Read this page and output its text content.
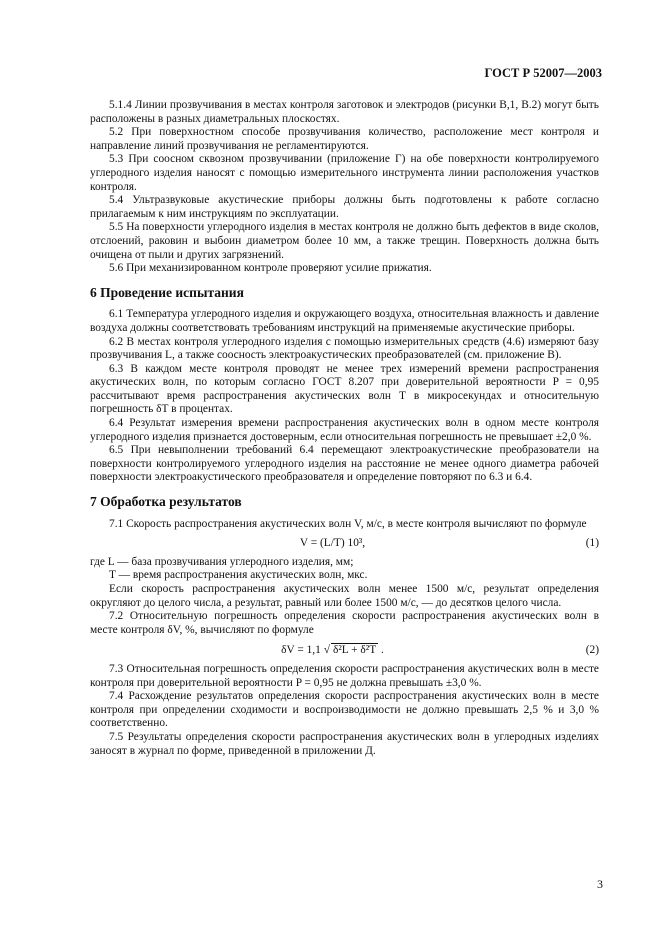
ГОСТ Р 52007—2003

5.1.4 Линии прозвучивания в местах контроля заготовок и электродов (рисунки В,1, В.2) могут быть расположены в разных диаметральных плоскостях.

5.2 При поверхностном способе прозвучивания количество, расположение мест контроля и направление линий прозвучивания не регламентируются.

5.3 При соосном сквозном прозвучивании (приложение Г) на обе поверхности контролируемого углеродного изделия наносят с помощью измерительного инструмента линии расположения участков контроля.

5.4 Ультразвуковые акустические приборы должны быть подготовлены к работе согласно прилагаемым к ним инструкциям по эксплуатации.

5.5 На поверхности углеродного изделия в местах контроля не должно быть дефектов в виде сколов, отслоений, раковин и выбоин диаметром более 10 мм, а также трещин. Поверхность должна быть очищена от пыли и других загрязнений.

5.6 При механизированном контроле проверяют усилие прижатия.

6 Проведение испытания

6.1 Температура углеродного изделия и окружающего воздуха, относительная влажность и давление воздуха должны соответствовать требованиям инструкций на применяемые акустические приборы.

6.2 В местах контроля углеродного изделия с помощью измерительных средств (4.6) измеряют базу прозвучивания L, а также соосность электроакустических преобразователей (см. приложение В).

6.3 В каждом месте контроля проводят не менее трех измерений времени распространения акустических волн, по которым согласно ГОСТ 8.207 при доверительной вероятности P = 0,95 рассчитывают время распространения акустических волн T в микросекундах и относительную погрешность δT в процентах.

6.4 Результат измерения времени распространения акустических волн в одном месте контроля углеродного изделия признается достоверным, если относительная погрешность не превышает ±2,0 %.

6.5 При невыполнении требований 6.4 перемещают электроакустические преобразователи на поверхности контролируемого углеродного изделия на расстояние не менее одного диаметра рабочей поверхности электроакустического преобразователя и определение повторяют по 6.3 и 6.4.

7 Обработка результатов

7.1 Скорость распространения акустических волн V, м/с, в месте контроля вычисляют по формуле

V = (L/T) 10³,	(1)

где L — база прозвучивания углеродного изделия, мм;

T — время распространения акустических волн, мкс.

Если скорость распространения акустических волн менее 1500 м/с, результат определения округляют до целого числа, а результат, равный или более 1500 м/с, — до десятков целого числа.

7.2 Относительную погрешность определения скорости распространения акустических волн в месте контроля δV, %, вычисляют по формуле

δV = 1,1 √ δ²L + δ²T .	(2)

7.3 Относительная погрешность определения скорости распространения акустических волн в месте контроля при доверительной вероятности P = 0,95 не должна превышать ±3,0 %.

7.4 Расхождение результатов определения скорости распространения акустических волн в месте контроля при определении сходимости и воспроизводимости не должно превышать 2,5 % и 3,0 % соответственно.

7.5 Результаты определения скорости распространения акустических волн в углеродных изделиях заносят в журнал по форме, приведенной в приложении Д.

3
